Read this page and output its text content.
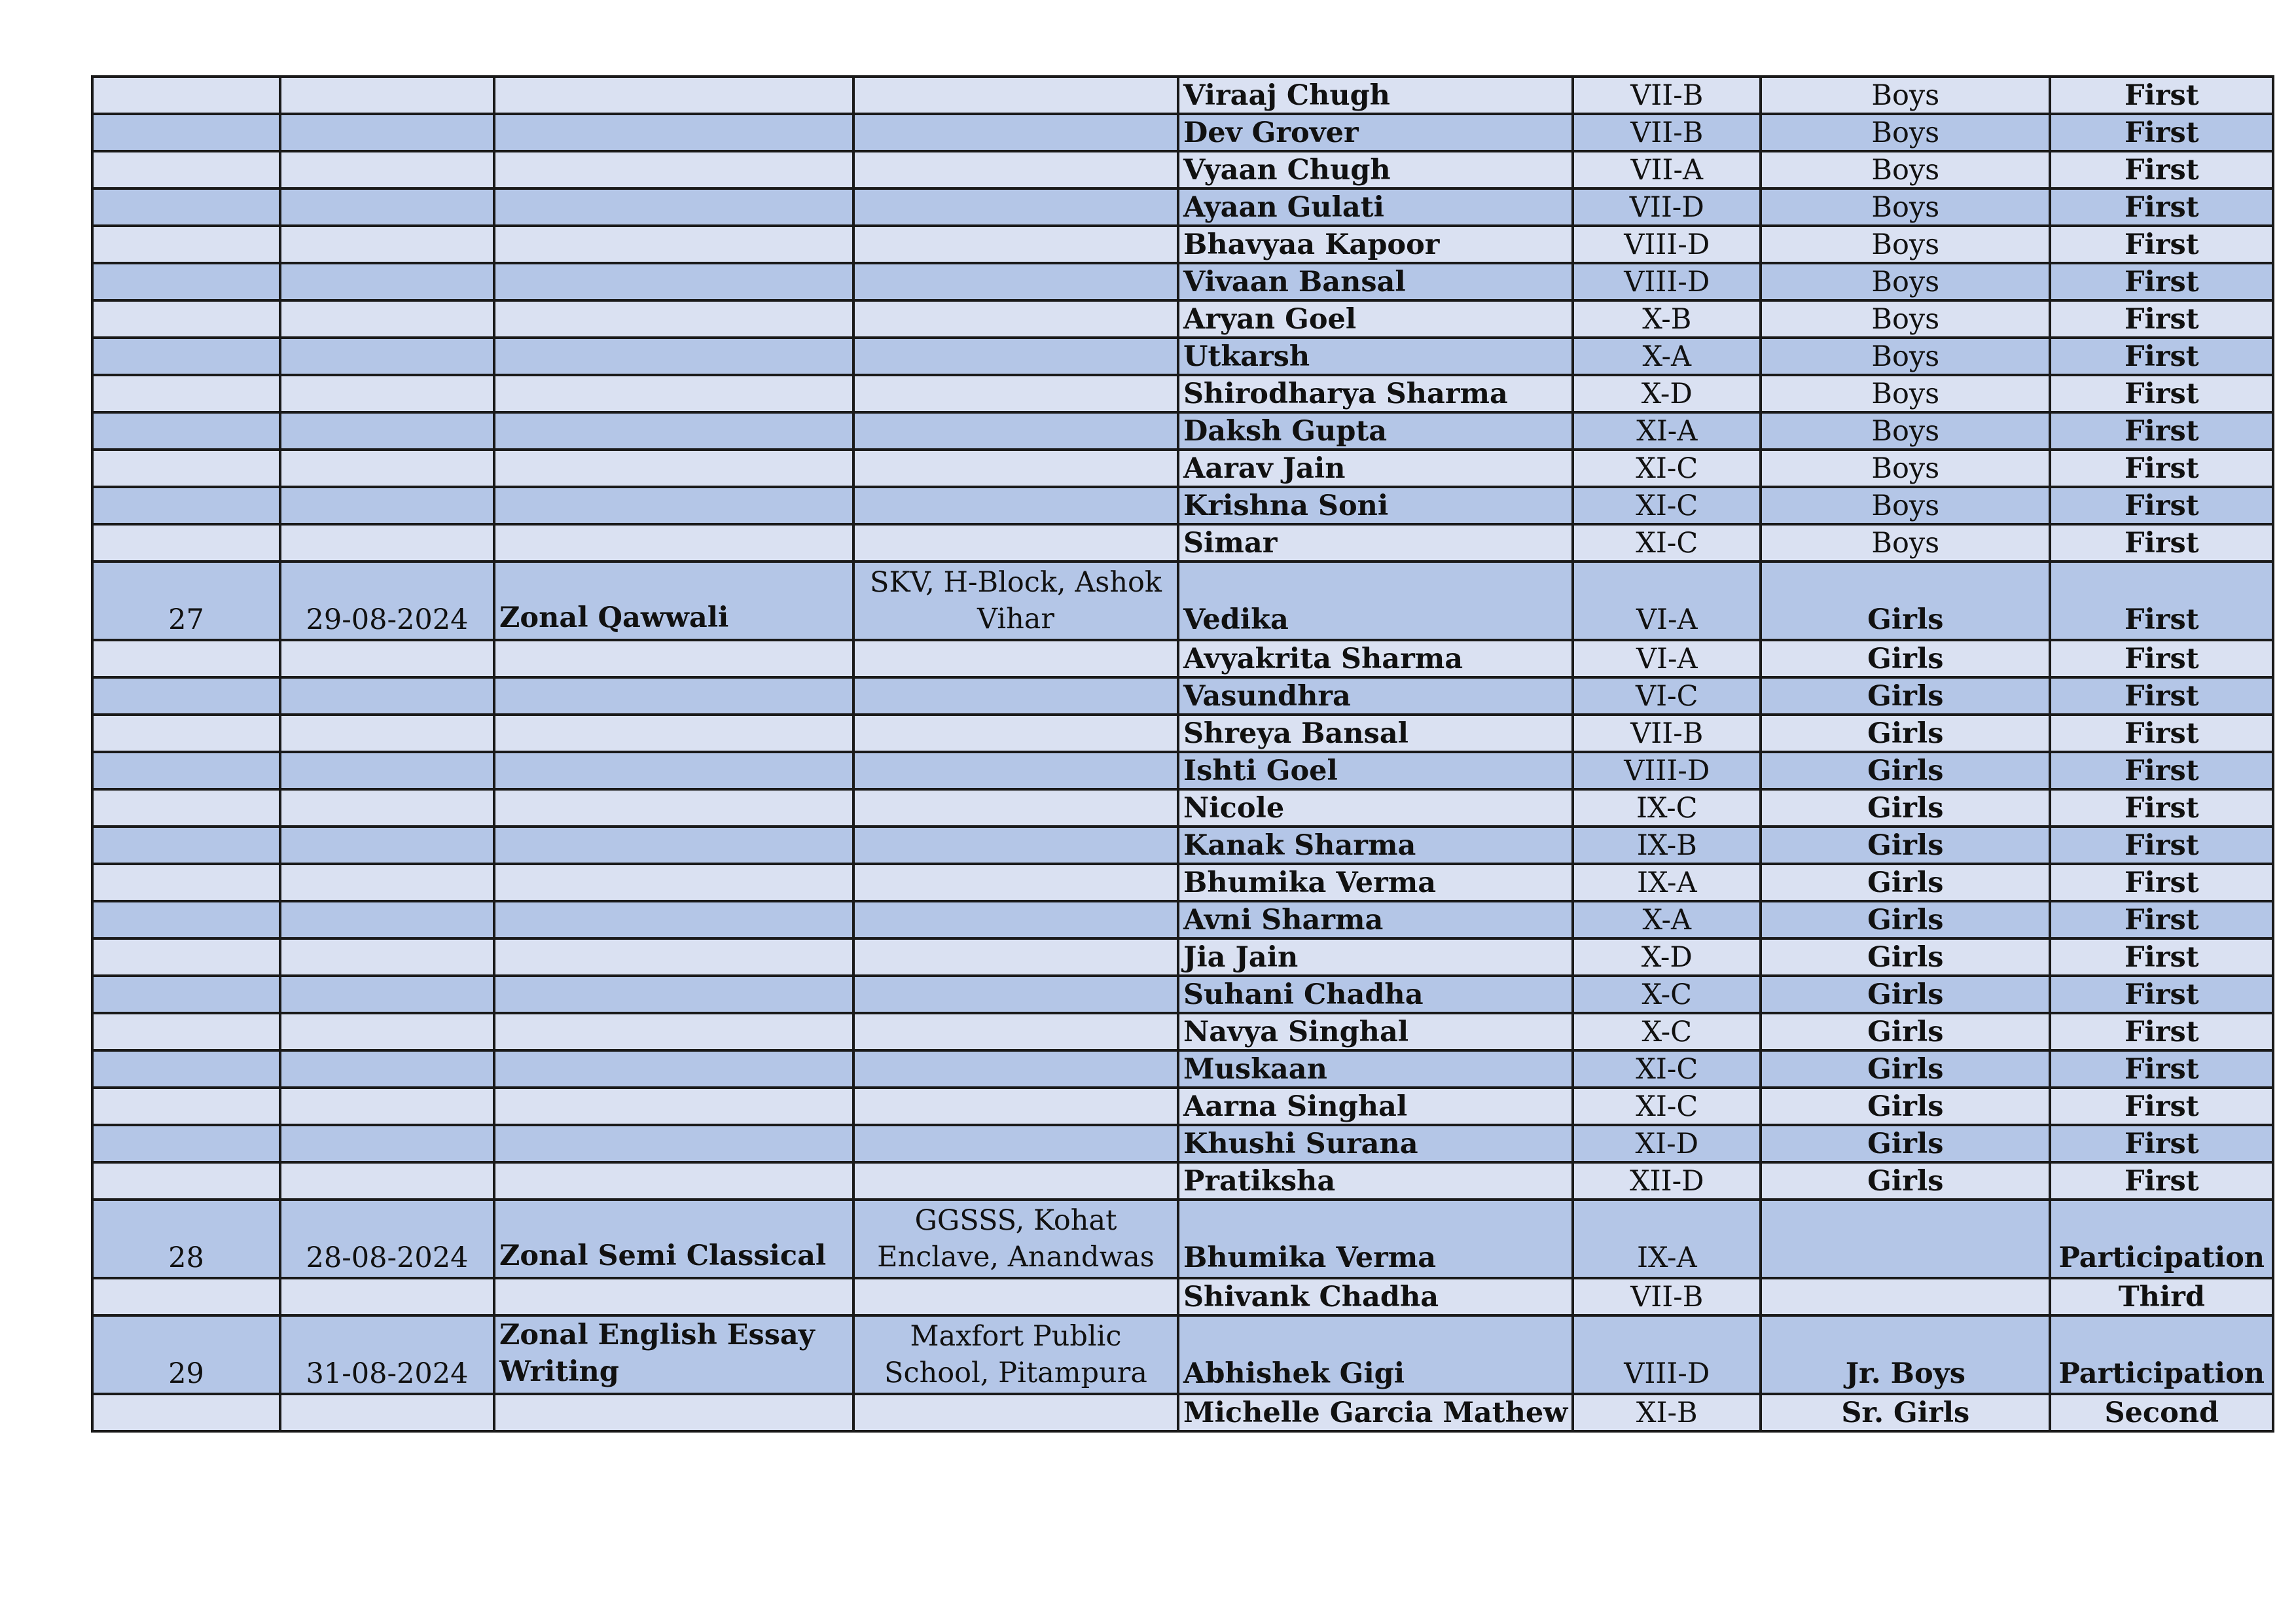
				Viraaj Chugh	VII-B	Boys	First
				Dev Grover	VII-B	Boys	First
				Vyaan Chugh	VII-A	Boys	First
				Ayaan Gulati	VII-D	Boys	First
				Bhavyaa Kapoor	VIII-D	Boys	First
				Vivaan Bansal	VIII-D	Boys	First
				Aryan Goel	X-B	Boys	First
				Utkarsh	X-A	Boys	First
				Shirodharya Sharma	X-D	Boys	First
				Daksh Gupta	XI-A	Boys	First
				Aarav Jain	XI-C	Boys	First
				Krishna Soni	XI-C	Boys	First
				Simar	XI-C	Boys	First
27	29-08-2024	Zonal Qawwali	SKV, H-Block, Ashok Vihar	Vedika	VI-A	Girls	First
				Avyakrita Sharma	VI-A	Girls	First
				Vasundhra	VI-C	Girls	First
				Shreya Bansal	VII-B	Girls	First
				Ishti Goel	VIII-D	Girls	First
				Nicole	IX-C	Girls	First
				Kanak Sharma	IX-B	Girls	First
				Bhumika Verma	IX-A	Girls	First
				Avni Sharma	X-A	Girls	First
				Jia Jain	X-D	Girls	First
				Suhani Chadha	X-C	Girls	First
				Navya Singhal	X-C	Girls	First
				Muskaan	XI-C	Girls	First
				Aarna Singhal	XI-C	Girls	First
				Khushi Surana	XI-D	Girls	First
				Pratiksha	XII-D	Girls	First
28	28-08-2024	Zonal Semi Classical	GGSSS, Kohat Enclave, Anandwas	Bhumika Verma	IX-A		Participation
				Shivank Chadha	VII-B		Third
29	31-08-2024	Zonal English Essay Writing	Maxfort Public School, Pitampura	Abhishek Gigi	VIII-D	Jr. Boys	Participation
				Michelle Garcia Mathew	XI-B	Sr. Girls	Second
